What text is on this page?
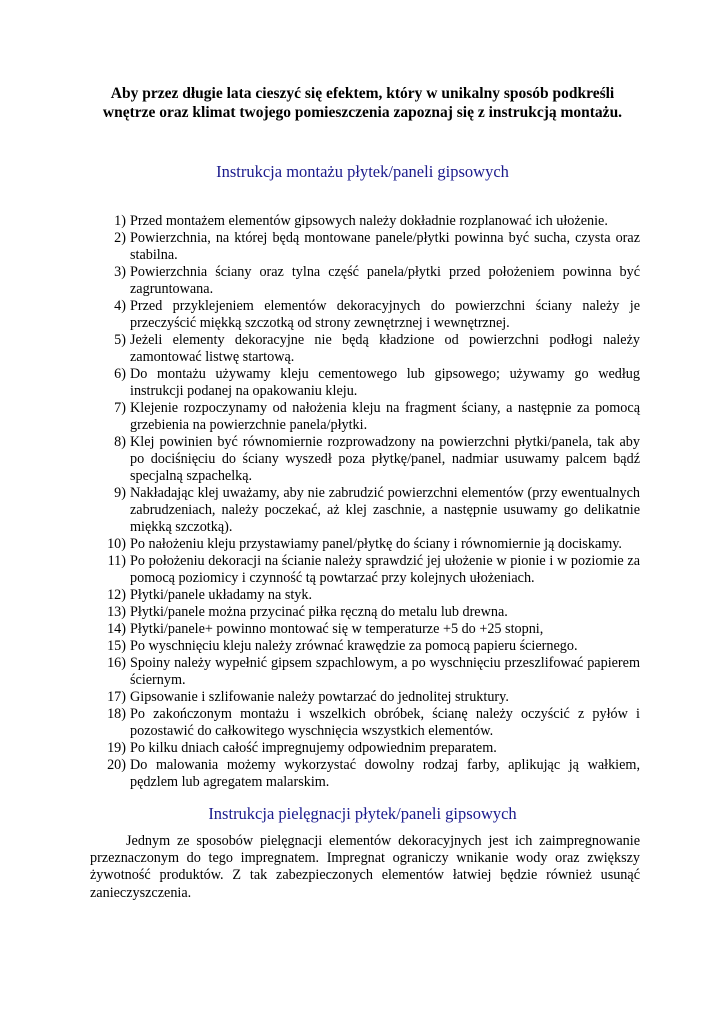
Aby przez długie lata cieszyć się efektem, który w unikalny sposób podkreśli wnętrze oraz klimat twojego pomieszczenia zapoznaj się z instrukcją montażu.
Instrukcja montażu płytek/paneli gipsowych
1) Przed montażem elementów gipsowych należy dokładnie rozplanować ich ułożenie.
2) Powierzchnia, na której będą montowane panele/płytki powinna być sucha, czysta oraz stabilna.
3) Powierzchnia ściany oraz tylna część panela/płytki przed położeniem powinna być zagruntowana.
4) Przed przyklejeniem elementów dekoracyjnych do powierzchni ściany należy je przeczyścić miękką szczotką od strony zewnętrznej i wewnętrznej.
5) Jeżeli elementy dekoracyjne nie będą kładzione od powierzchni podłogi należy zamontować listwę startową.
6) Do montażu używamy kleju cementowego lub gipsowego; używamy go według instrukcji podanej na opakowaniu kleju.
7) Klejenie rozpoczynamy od nałożenia kleju na fragment ściany, a następnie za pomocą grzebienia na powierzchnie panela/płytki.
8) Klej powinien być równomiernie rozprowadzony na powierzchni płytki/panela, tak aby po dociśnięciu do ściany wyszedł poza płytkę/panel, nadmiar usuwamy palcem bądź specjalną szpachelką.
9) Nakładając klej uważamy, aby nie zabrudzić powierzchni elementów (przy ewentualnych zabrudzeniach, należy poczekać, aż klej zaschnie, a następnie usuwamy go delikatnie miękką szczotką).
10) Po nałożeniu kleju przystawiamy panel/płytkę do ściany i równomiernie ją dociskamy.
11) Po położeniu dekoracji na ścianie należy sprawdzić jej ułożenie w pionie i w poziomie za pomocą poziomicy i czynność tą powtarzać przy kolejnych ułożeniach.
12) Płytki/panele układamy na styk.
13) Płytki/panele można przycinać piłka ręczną do metalu lub drewna.
14) Płytki/panele+ powinno montować się w temperaturze +5 do +25 stopni,
15) Po wyschnięciu kleju należy zrównać krawędzie za pomocą papieru ściernego.
16) Spoiny należy wypełnić gipsem szpachlowym, a po wyschnięciu przeszlifować papierem ściernym.
17) Gipsowanie i szlifowanie należy powtarzać do jednolitej struktury.
18) Po zakończonym montażu i wszelkich obróbek, ścianę należy oczyścić z pyłów i pozostawić do całkowitego wyschnięcia wszystkich elementów.
19) Po kilku dniach całość impregnujemy odpowiednim preparatem.
20) Do malowania możemy wykorzystać dowolny rodzaj farby, aplikując ją wałkiem, pędzlem lub agregatem malarskim.
Instrukcja pielęgnacji płytek/paneli gipsowych

Jednym ze sposobów pielęgnacji elementów dekoracyjnych jest ich zaimpregnowanie przeznaczonym do tego impregnatem. Impregnat ograniczy wnikanie wody oraz zwiększy żywotność produktów. Z tak zabezpieczonych elementów łatwiej będzie również usunąć zanieczyszczenia.
